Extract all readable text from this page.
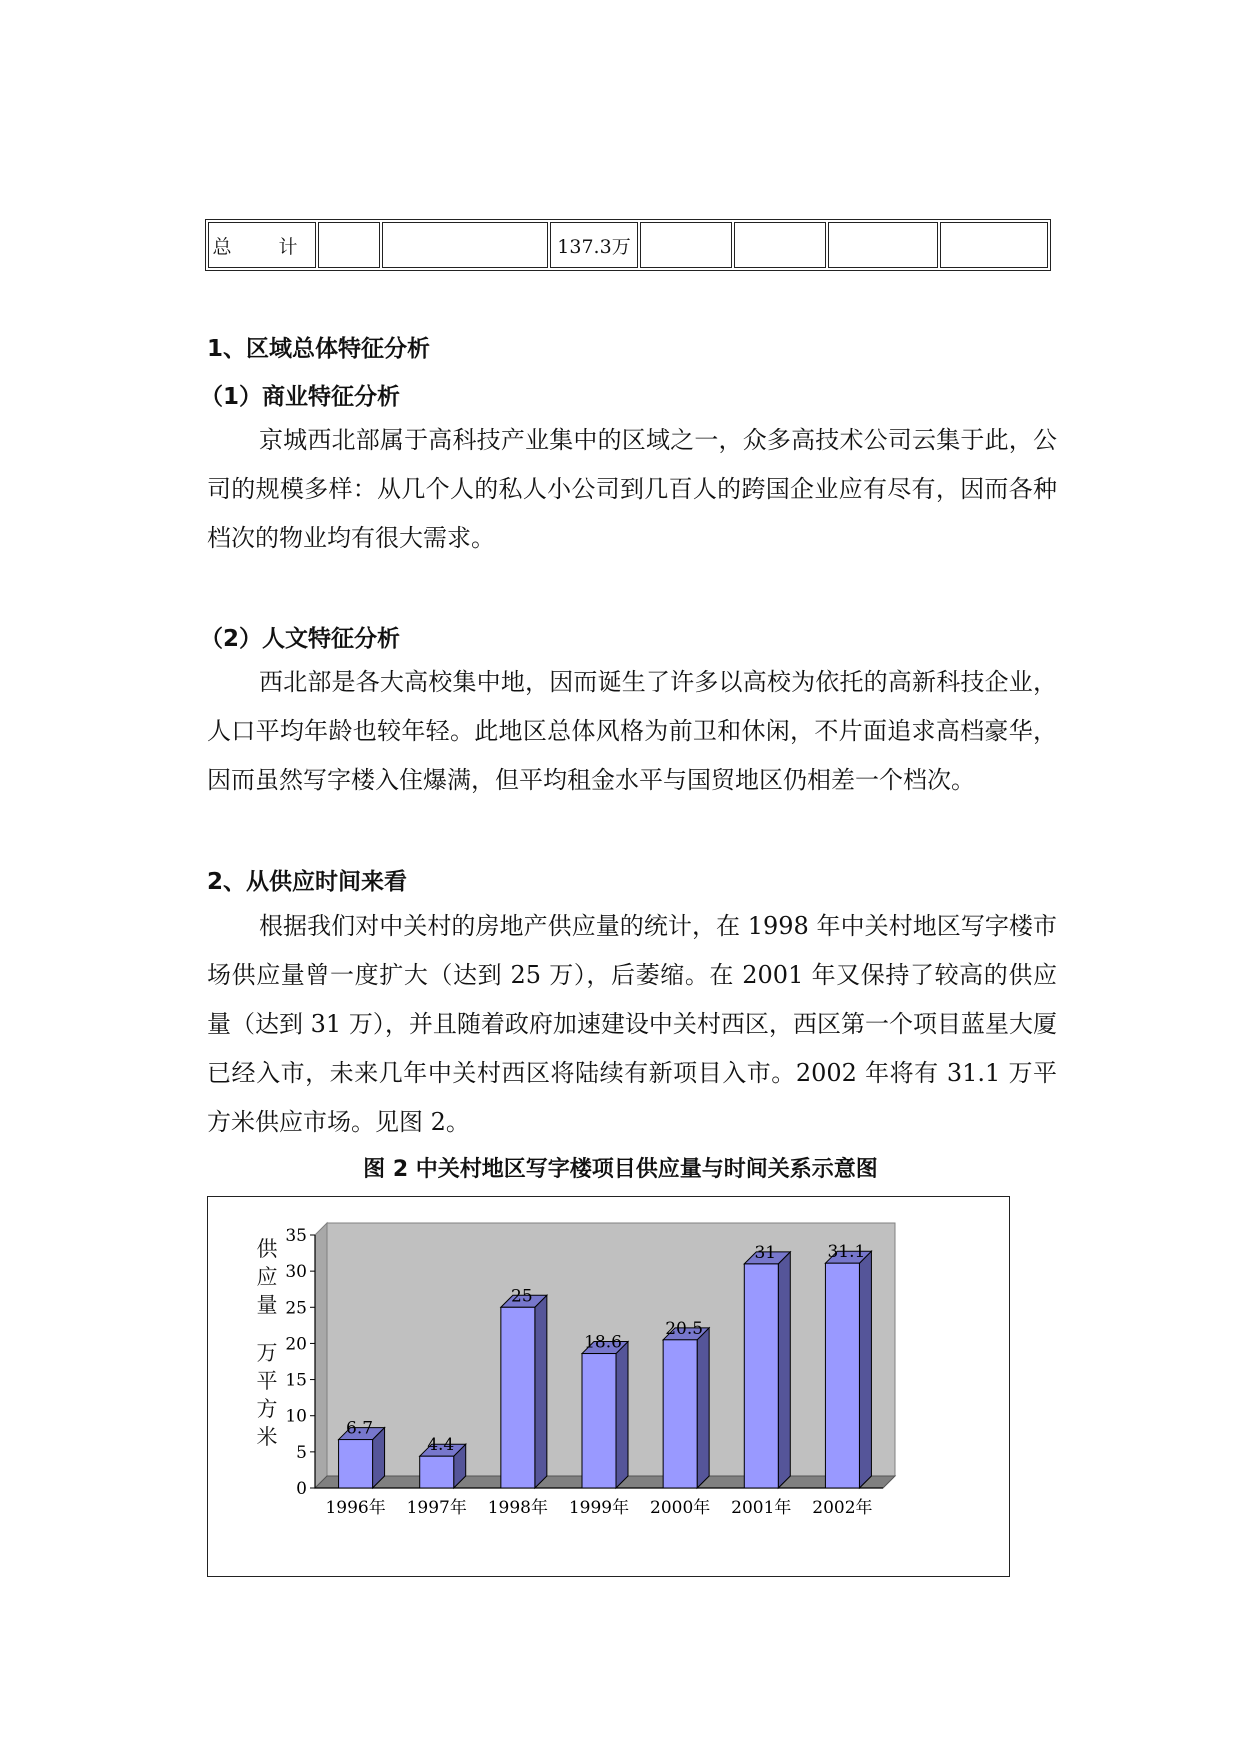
总　计			137.3万				
1、区域总体特征分析
（1）商业特征分析
京城西北部属于高科技产业集中的区域之一，众多高技术公司云集于此，公司的规模多样：从几个人的私人小公司到几百人的跨国企业应有尽有，因而各种档次的物业均有很大需求。
（2）人文特征分析
西北部是各大高校集中地，因而诞生了许多以高校为依托的高新科技企业，人口平均年龄也较年轻。此地区总体风格为前卫和休闲，不片面追求高档豪华，因而虽然写字楼入住爆满，但平均租金水平与国贸地区仍相差一个档次。
2、从供应时间来看
根据我们对中关村的房地产供应量的统计，在 1998 年中关村地区写字楼市场供应量曾一度扩大（达到 25 万），后萎缩。在 2001 年又保持了较高的供应量（达到 31 万），并且随着政府加速建设中关村西区，西区第一个项目蓝星大厦已经入市，未来几年中关村西区将陆续有新项目入市。2002 年将有 31.1 万平方米供应市场。见图 2。
图 2 中关村地区写字楼项目供应量与时间关系示意图
供
应
量

万
平
方
米
0
5
10
15
20
25
30
35
6.7
1996年
4.4
1997年
25
1998年
18.6
1999年
20.5
2000年
31
2001年
31.1
2002年
